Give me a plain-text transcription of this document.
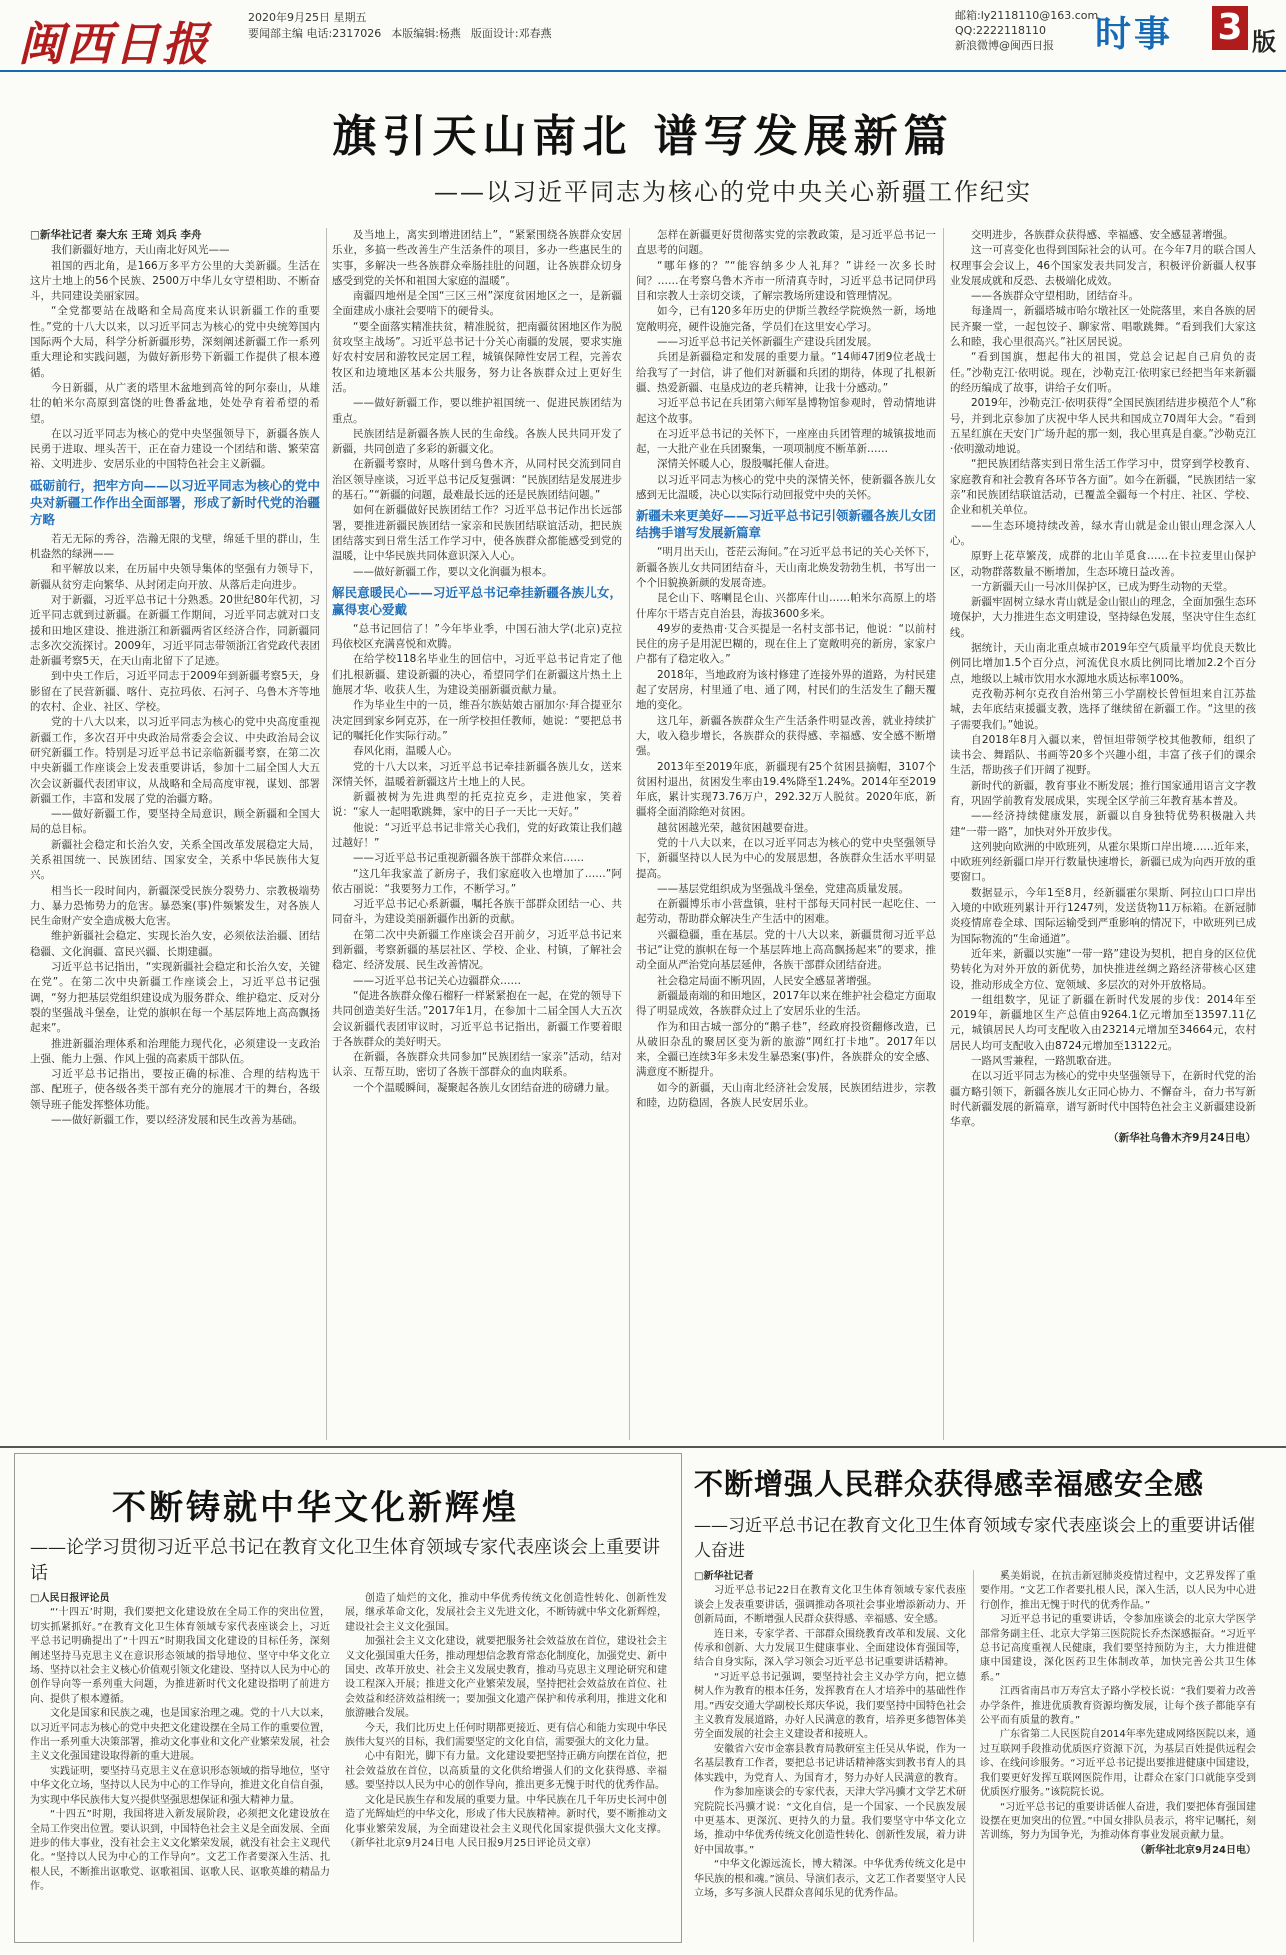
闽西日报	2020年9月25日 星期五
要闻部主编 电话:2317026 本版编辑:杨燕 版面设计:邓春燕
邮箱:ly2118110@163.com
QQ:2222118110
新浪微博@闽西日报	时事 3 版
旗引天山南北 谱写发展新篇
——以习近平同志为核心的党中央关心新疆工作纪实

□新华社记者 秦大东 王琦 刘兵 李舟

我们新疆好地方，天山南北好风光——

祖国的西北角，是166万多平方公里的大美新疆。生活在这片土地上的56个民族、2500万中华儿女守望相助、不断奋斗，共同建设美丽家园。

“全党都要站在战略和全局高度来认识新疆工作的重要性。”党的十八大以来，以习近平同志为核心的党中央统筹国内国际两个大局，科学分析新疆形势，深刻阐述新疆工作一系列重大理论和实践问题，为做好新形势下新疆工作提供了根本遵循。

今日新疆，从广袤的塔里木盆地到高耸的阿尔泰山，从雄壮的帕米尔高原到富饶的吐鲁番盆地，处处孕育着希望的希望。

在以习近平同志为核心的党中央坚强领导下，新疆各族人民勇于进取、埋头苦干，正在奋力建设一个团结和谐、繁荣富裕、文明进步、安居乐业的中国特色社会主义新疆。

砥砺前行，把牢方向——以习近平同志为核心的党中央对新疆工作作出全面部署，形成了新时代党的治疆方略

若无无际的秀谷，浩瀚无限的戈壁，绵延千里的群山，生机盎然的绿洲——

和平解放以来，在历届中央领导集体的坚强有力领导下，新疆从贫穷走向繁华、从封闭走向开放、从落后走向进步。

对于新疆，习近平总书记十分熟悉。20世纪80年代初，习近平同志就到过新疆。在新疆工作期间，习近平同志就对口支援和田地区建设、推进浙江和新疆两省区经济合作，同新疆同志多次交流探讨。2009年，习近平同志带领浙江省党政代表团赴新疆考察5天，在天山南北留下了足迹。

到中央工作后，习近平同志于2009年到新疆考察5天，身影留在了民营新疆、喀什、克拉玛依、石河子、乌鲁木齐等地的农村、企业、社区、学校。

党的十八大以来，以习近平同志为核心的党中央高度重视新疆工作，多次召开中央政治局常委会会议、中央政治局会议研究新疆工作。特别是习近平总书记亲临新疆考察，在第二次中央新疆工作座谈会上发表重要讲话，参加十二届全国人大五次会议新疆代表团审议，从战略和全局高度审视，谋划、部署新疆工作，丰富和发展了党的治疆方略。

——做好新疆工作，要坚持全局意识，顾全新疆和全国大局的总目标。

新疆社会稳定和长治久安，关系全国改革发展稳定大局，关系祖国统一、民族团结、国家安全，关系中华民族伟大复兴。

相当长一段时间内，新疆深受民族分裂势力、宗教极端势力、暴力恐怖势力的危害。暴恐案(事)件频繁发生，对各族人民生命财产安全造成极大危害。

维护新疆社会稳定、实现长治久安，必须依法治疆、团结稳疆、文化润疆、富民兴疆、长期建疆。

习近平总书记指出，“实现新疆社会稳定和长治久安，关键在党”。在第二次中央新疆工作座谈会上，习近平总书记强调，“努力把基层党组织建设成为服务群众、维护稳定、反对分裂的坚强战斗堡垒，让党的旗帜在每一个基层阵地上高高飘扬起来”。

推进新疆治理体系和治理能力现代化，必须建设一支政治上强、能力上强、作风上强的高素质干部队伍。

习近平总书记指出，要按正确的标准、合理的结构选干部、配班子，使各级各类干部有充分的施展才干的舞台，各级领导班子能发挥整体功能。

——做好新疆工作，要以经济发展和民生改善为基础。

及当地上，离实到增进团结上”，“紧紧围绕各族群众安居乐业，多搞一些改善生产生活条件的项目，多办一些惠民生的实事，多解决一些各族群众牵肠挂肚的问题，让各族群众切身感受到党的关怀和祖国大家庭的温暖”。

南疆四地州是全国“三区三州”深度贫困地区之一，是新疆全面建成小康社会要啃下的硬骨头。

“要全面落实精准扶贫，精准脱贫，把南疆贫困地区作为脱贫攻坚主战场”。习近平总书记十分关心南疆的发展，要求实施好农村安居和游牧民定居工程，城镇保障性安居工程，完善农牧区和边境地区基本公共服务，努力让各族群众过上更好生活。

——做好新疆工作，要以维护祖国统一、促进民族团结为重点。

民族团结是新疆各族人民的生命线。各族人民共同开发了新疆，共同创造了多彩的新疆文化。

在新疆考察时，从喀什到乌鲁木齐，从同村民交流到同自治区领导座谈，习近平总书记反复强调：“民族团结是发展进步的基石。”“新疆的问题，最难最长远的还是民族团结问题。”

如何在新疆做好民族团结工作？习近平总书记作出长远部署，要推进新疆民族团结一家亲和民族团结联谊活动，把民族团结落实到日常生活工作学习中，使各族群众都能感受到党的温暖，让中华民族共同体意识深入人心。

——做好新疆工作，要以文化润疆为根本。

解民意暖民心——习近平总书记牵挂新疆各族儿女，赢得衷心爱戴

“总书记回信了！”今年毕业季，中国石油大学(北京)克拉玛依校区充满喜悦和欢腾。

在给学校118名毕业生的回信中，习近平总书记肯定了他们扎根新疆、建设新疆的决心，希望同学们在新疆这片热土上施展才华、收获人生，为建设美丽新疆贡献力量。

作为毕业生中的一员，维吾尔族姑娘古丽加尔·拜合提亚尔决定回到家乡阿克苏，在一所学校担任教师，她说：“要把总书记的嘱托化作实际行动。”

春风化雨，温暖人心。

党的十八大以来，习近平总书记牵挂新疆各族儿女，送来深情关怀，温暖着新疆这片土地上的人民。

新疆被树为先进典型的托克拉克乡，走进他家，笑着说：“家人一起唱歌跳舞，家中的日子一天比一天好。”

他说：“习近平总书记非常关心我们，党的好政策让我们越过越好！”

——习近平总书记重视新疆各族干部群众来信……

“这几年我家盖了新房子，我们家庭收入也增加了……”阿依古丽说：“我要努力工作，不断学习。”

习近平总书记心系新疆，嘱托各族干部群众团结一心、共同奋斗，为建设美丽新疆作出新的贡献。

在第二次中央新疆工作座谈会召开前夕，习近平总书记来到新疆，考察新疆的基层社区、学校、企业、村镇，了解社会稳定、经济发展、民生改善情况。

——习近平总书记关心边疆群众……

“促进各族群众像石榴籽一样紧紧抱在一起，在党的领导下共同创造美好生活。”2017年1月，在参加十二届全国人大五次会议新疆代表团审议时，习近平总书记指出，新疆工作要着眼于各族群众的美好明天。

在新疆，各族群众共同参加“民族团结一家亲”活动，结对认亲、互帮互助，密切了各族干部群众的血肉联系。

一个个温暖瞬间，凝聚起各族儿女团结奋进的磅礴力量。

怎样在新疆更好贯彻落实党的宗教政策，是习近平总书记一直思考的问题。

“哪年修的？”“能容纳多少人礼拜？”讲经一次多长时间？……在考察乌鲁木齐市一所清真寺时，习近平总书记同伊玛目和宗教人士亲切交谈，了解宗教场所建设和管理情况。

如今，已有120多年历史的伊斯兰教经学院焕然一新，场地宽敞明亮，硬件设施完备，学员们在这里安心学习。

——习近平总书记关怀新疆生产建设兵团发展。

兵团是新疆稳定和发展的重要力量。“14师47团9位老战士给我写了一封信，讲了他们对新疆和兵团的期待，体现了扎根新疆、热爱新疆、屯垦戍边的老兵精神，让我十分感动。”

习近平总书记在兵团第六师军垦博物馆参观时，曾动情地讲起这个故事。

在习近平总书记的关怀下，一座座由兵团管理的城镇拔地而起，一大批产业在兵团聚集，一项项制度不断革新……

深情关怀暖人心，殷殷嘱托催人奋进。

以习近平同志为核心的党中央的深情关怀，使新疆各族儿女感到无比温暖，决心以实际行动回报党中央的关怀。

新疆未来更美好——习近平总书记引领新疆各族儿女团结携手谱写发展新篇章

“明月出天山，苍茫云海间。”在习近平总书记的关心关怀下，新疆各族儿女共同团结奋斗，天山南北焕发勃勃生机，书写出一个个旧貌换新颜的发展奇迹。

昆仑山下、喀喇昆仑山、兴都库什山……帕米尔高原上的塔什库尔干塔吉克自治县，海拔3600多米。

49岁的麦热甫·艾合买提是一名村支部书记，他说：“以前村民住的房子是用泥巴糊的，现在住上了宽敞明亮的新房，家家户户都有了稳定收入。”

2018年，当地政府为该村修建了连接外界的道路，为村民建起了安居房，村里通了电、通了网，村民们的生活发生了翻天覆地的变化。

这几年，新疆各族群众生产生活条件明显改善，就业持续扩大，收入稳步增长，各族群众的获得感、幸福感、安全感不断增强。

2013年至2019年底，新疆现有25个贫困县摘帽，3107个贫困村退出，贫困发生率由19.4%降至1.24%。2014年至2019年底，累计实现73.76万户，292.32万人脱贫。2020年底，新疆将全面消除绝对贫困。

越贫困越光荣，越贫困越要奋进。

党的十八大以来，在以习近平同志为核心的党中央坚强领导下，新疆坚持以人民为中心的发展思想，各族群众生活水平明显提高。

——基层党组织成为坚强战斗堡垒，党建高质量发展。

在新疆博乐市小营盘镇，驻村干部每天同村民一起吃住、一起劳动，帮助群众解决生产生活中的困难。

兴疆稳疆，重在基层。党的十八大以来，新疆贯彻习近平总书记“让党的旗帜在每一个基层阵地上高高飘扬起来”的要求，推动全面从严治党向基层延伸，各族干部群众团结奋进。

社会稳定局面不断巩固，人民安全感显著增强。

新疆最南端的和田地区，2017年以来在维护社会稳定方面取得了明显成效，各族群众过上了安居乐业的生活。

作为和田古城一部分的“鹅子巷”，经政府投资翻修改造，已从破旧杂乱的聚居区变为新的旅游“网红打卡地”。2017年以来，全疆已连续3年多未发生暴恐案(事)件，各族群众的安全感、满意度不断提升。

如今的新疆，天山南北经济社会发展，民族团结进步，宗教和睦，边防稳固，各族人民安居乐业。

交明进步，各族群众获得感、幸福感、安全感显著增强。

这一可喜变化也得到国际社会的认可。在今年7月的联合国人权理事会会议上，46个国家发表共同发言，积极评价新疆人权事业发展成就和反恐、去极端化成效。

——各族群众守望相助，团结奋斗。

每逢周一，新疆塔城市哈尔墩社区一处院落里，来自各族的居民齐聚一堂，一起包饺子、聊家常、唱歌跳舞。“看到我们大家这么和睦，我心里很高兴。”社区居民说。

“看到国旗，想起伟大的祖国，党总会记起自己肩负的责任。”沙勒克江·依明说。现在，沙勒克江·依明家已经把当年来新疆的经历编成了故事，讲给子女们听。

2019年，沙勒克江·依明获得“全国民族团结进步模范个人”称号，并到北京参加了庆祝中华人民共和国成立70周年大会。“看到五星红旗在天安门广场升起的那一刻，我心里真是自豪。”沙勒克江·依明激动地说。

“把民族团结落实到日常生活工作学习中，贯穿到学校教育、家庭教育和社会教育各环节各方面”。如今在新疆，“民族团结一家亲”和民族团结联谊活动，已覆盖全疆每一个村庄、社区、学校、企业和机关单位。

——生态环境持续改善，绿水青山就是金山银山理念深入人心。

原野上花草繁茂，成群的北山羊觅食……在卡拉麦里山保护区，动物群落数量不断增加，生态环境日益改善。

一方新疆天山一号冰川保护区，已成为野生动物的天堂。

新疆牢固树立绿水青山就是金山银山的理念，全面加强生态环境保护，大力推进生态文明建设，坚持绿色发展，坚决守住生态红线。

据统计，天山南北重点城市2019年空气质量平均优良天数比例同比增加1.5个百分点，河流优良水质比例同比增加2.2个百分点，地级以上城市饮用水水源地水质达标率100%。

克孜勒苏柯尔克孜自治州第三小学副校长曾恒坦来自江苏盐城，去年底结束援疆支教，选择了继续留在新疆工作。“这里的孩子需要我们。”她说。

自2018年8月入疆以来，曾恒坦带领学校其他教师，组织了读书会、舞蹈队、书画等20多个兴趣小组，丰富了孩子们的课余生活，帮助孩子们开阔了视野。

新时代的新疆，教育事业不断发展；推行国家通用语言文字教育，巩固学前教育发展成果，实现全区学前三年教育基本普及。

——经济持续健康发展，新疆以自身独特优势积极融入共建“一带一路”，加快对外开放步伐。

这列驶向欧洲的中欧班列，从霍尔果斯口岸出境……近年来，中欧班列经新疆口岸开行数量快速增长，新疆已成为向西开放的重要窗口。

数据显示，今年1至8月，经新疆霍尔果斯、阿拉山口口岸出入境的中欧班列累计开行1247列，发送货物11万标箱。在新冠肺炎疫情席卷全球、国际运输受到严重影响的情况下，中欧班列已成为国际物流的“生命通道”。

近年来，新疆以实施“一带一路”建设为契机，把自身的区位优势转化为对外开放的新优势，加快推进丝绸之路经济带核心区建设，推动形成全方位、宽领域、多层次的对外开放格局。

一组组数字，见证了新疆在新时代发展的步伐：2014年至2019年，新疆地区生产总值由9264.1亿元增加至13597.11亿元，城镇居民人均可支配收入由23214元增加至34664元，农村居民人均可支配收入由8724元增加至13122元。

一路风雪兼程，一路凯歌奋进。

在以习近平同志为核心的党中央坚强领导下，在新时代党的治疆方略引领下，新疆各族儿女正同心协力、不懈奋斗，奋力书写新时代新疆发展的新篇章，谱写新时代中国特色社会主义新疆建设新华章。

（新华社乌鲁木齐9月24日电）

不断铸就中华文化新辉煌
——论学习贯彻习近平总书记在教育文化卫生体育领域专家代表座谈会上重要讲话

□人民日报评论员

“‘十四五’时期，我们要把文化建设放在全局工作的突出位置，切实抓紧抓好。”在教育文化卫生体育领域专家代表座谈会上，习近平总书记明确提出了“十四五”时期我国文化建设的目标任务，深刻阐述坚持马克思主义在意识形态领域的指导地位、坚守中华文化立场、坚持以社会主义核心价值观引领文化建设、坚持以人民为中心的创作导向等一系列重大问题，为推进新时代文化建设指明了前进方向、提供了根本遵循。

文化是国家和民族之魂，也是国家治理之魂。党的十八大以来，以习近平同志为核心的党中央把文化建设摆在全局工作的重要位置，作出一系列重大决策部署，推动文化事业和文化产业繁荣发展，社会主义文化强国建设取得新的重大进展。

实践证明，要坚持马克思主义在意识形态领域的指导地位，坚守中华文化立场，坚持以人民为中心的工作导向，推进文化自信自强，为实现中华民族伟大复兴提供坚强思想保证和强大精神力量。

“十四五”时期，我国将进入新发展阶段，必须把文化建设放在全局工作突出位置。要认识到，中国特色社会主义是全面发展、全面进步的伟大事业，没有社会主义文化繁荣发展，就没有社会主义现代化。“坚持以人民为中心的工作导向”。文艺工作者要深入生活、扎根人民，不断推出讴歌党、讴歌祖国、讴歌人民、讴歌英雄的精品力作。

创造了灿烂的文化，推动中华优秀传统文化创造性转化、创新性发展，继承革命文化，发展社会主义先进文化，不断铸就中华文化新辉煌，建设社会主义文化强国。

加强社会主义文化建设，就要把服务社会效益放在首位，建设社会主义文化强国重大任务，推动理想信念教育常态化制度化，加强党史、新中国史、改革开放史、社会主义发展史教育，推动马克思主义理论研究和建设工程深入开展；推进文化产业繁荣发展，坚持把社会效益放在首位、社会效益和经济效益相统一；要加强文化遗产保护和传承利用，推进文化和旅游融合发展。

今天，我们比历史上任何时期都更接近、更有信心和能力实现中华民族伟大复兴的目标，我们需要坚定的文化自信，需要强大的文化力量。

心中有阳光，脚下有力量。文化建设要把坚持正确方向摆在首位，把社会效益放在首位，以高质量的文化供给增强人们的文化获得感、幸福感。要坚持以人民为中心的创作导向，推出更多无愧于时代的优秀作品。

文化是民族生存和发展的重要力量。中华民族在几千年历史长河中创造了光辉灿烂的中华文化，形成了伟大民族精神。新时代，要不断推动文化事业繁荣发展，为全面建设社会主义现代化国家提供强大文化支撑。（新华社北京9月24日电 人民日报9月25日评论员文章）

不断增强人民群众获得感幸福感安全感
——习近平总书记在教育文化卫生体育领域专家代表座谈会上的重要讲话催人奋进

□新华社记者

习近平总书记22日在教育文化卫生体育领域专家代表座谈会上发表重要讲话，强调推动各项社会事业增添新动力、开创新局面，不断增强人民群众获得感、幸福感、安全感。

连日来，专家学者、干部群众围绕教育改革和发展、文化传承和创新、大力发展卫生健康事业、全面建设体育强国等，结合自身实际，深入学习领会习近平总书记重要讲话精神。

“习近平总书记强调，要坚持社会主义办学方向，把立德树人作为教育的根本任务，发挥教育在人才培养中的基础性作用。”西安交通大学副校长郑庆华说，我们要坚持中国特色社会主义教育发展道路，办好人民满意的教育，培养更多德智体美劳全面发展的社会主义建设者和接班人。

安徽省六安市金寨县教育局教研室主任吴从华说，作为一名基层教育工作者，要把总书记讲话精神落实到教书育人的具体实践中，为党育人、为国育才，努力办好人民满意的教育。

作为参加座谈会的专家代表，天津大学冯骥才文学艺术研究院院长冯骥才说：“文化自信，是一个国家、一个民族发展中更基本、更深沉、更持久的力量。我们要坚守中华文化立场，推动中华优秀传统文化创造性转化、创新性发展，着力讲好中国故事。”

“中华文化源远流长，博大精深。中华优秀传统文化是中华民族的根和魂。”演员、导演们表示，文艺工作者要坚守人民立场，多写多演人民群众喜闻乐见的优秀作品。

奚美娟说，在抗击新冠肺炎疫情过程中，文艺界发挥了重要作用。“文艺工作者要扎根人民，深入生活，以人民为中心进行创作，推出无愧于时代的优秀作品。”

习近平总书记的重要讲话，令参加座谈会的北京大学医学部常务副主任、北京大学第三医院院长乔杰深感振奋。“习近平总书记高度重视人民健康，我们要坚持预防为主，大力推进健康中国建设，深化医药卫生体制改革，加快完善公共卫生体系。”

江西省南昌市万寿宫太子路小学校长说：“我们要着力改善办学条件，推进优质教育资源均衡发展，让每个孩子都能享有公平而有质量的教育。”

广东省第二人民医院自2014年率先建成网络医院以来，通过互联网手段推动优质医疗资源下沉，为基层百姓提供远程会诊、在线问诊服务。“习近平总书记提出要推进健康中国建设，我们要更好发挥互联网医院作用，让群众在家门口就能享受到优质医疗服务。”该院院长说。

“习近平总书记的重要讲话催人奋进，我们要把体育强国建设摆在更加突出的位置。”中国女排队员表示，将牢记嘱托，刻苦训练，努力为国争光，为推动体育事业发展贡献力量。

（新华社北京9月24日电）
